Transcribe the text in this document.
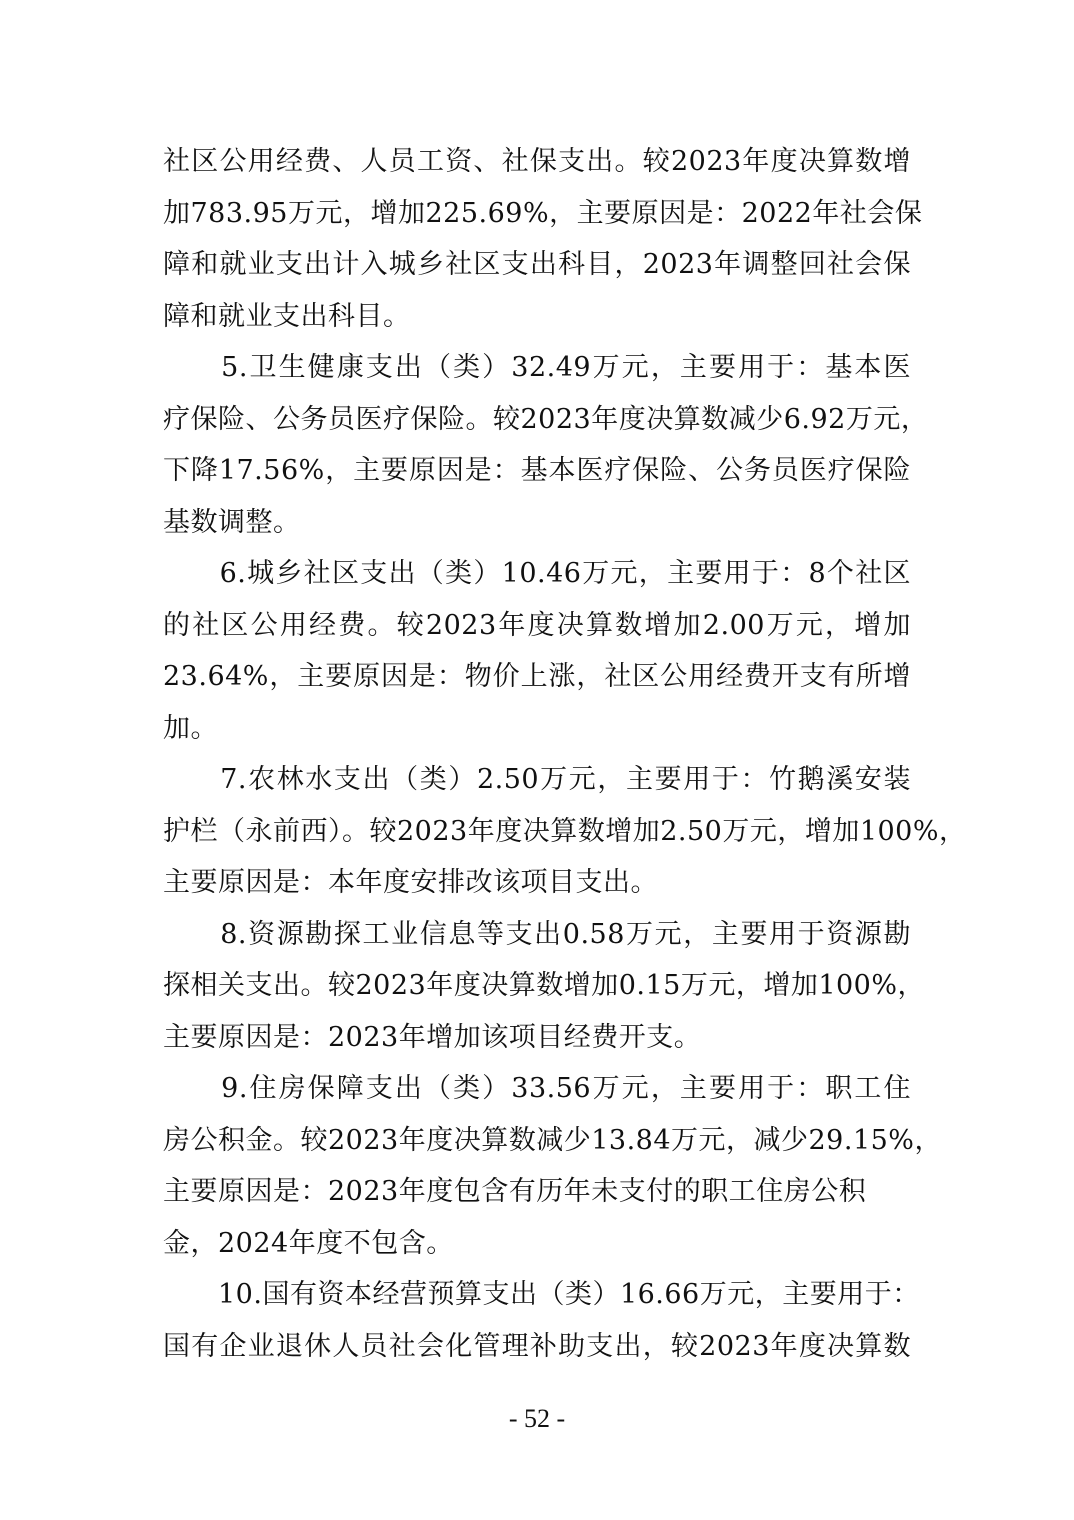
社区公用经费、人员工资、社保支出。较2023年度决算数增
加783.95万元，增加225.69%，主要原因是：2022年社会保
障和就业支出计入城乡社区支出科目，2023年调整回社会保
障和就业支出科目。
　　5.卫生健康支出（类）32.49万元，主要用于：基本医
疗保险、公务员医疗保险。较2023年度决算数减少6.92万元，
下降17.56%，主要原因是：基本医疗保险、公务员医疗保险
基数调整。
　　6.城乡社区支出（类）10.46万元，主要用于：8个社区
的社区公用经费。较2023年度决算数增加2.00万元，增加
23.64%，主要原因是：物价上涨，社区公用经费开支有所增
加。
　　7.农林水支出（类）2.50万元，主要用于：竹鹅溪安装
护栏（永前西）。较2023年度决算数增加2.50万元，增加100%，
主要原因是：本年度安排改该项目支出。
　　8.资源勘探工业信息等支出0.58万元，主要用于资源勘
探相关支出。较2023年度决算数增加0.15万元，增加100%，
主要原因是：2023年增加该项目经费开支。
　　9.住房保障支出（类）33.56万元，主要用于：职工住
房公积金。较2023年度决算数减少13.84万元，减少29.15%，
主要原因是：2023年度包含有历年未支付的职工住房公积
金，2024年度不包含。
　　10.国有资本经营预算支出（类）16.66万元，主要用于：
国有企业退休人员社会化管理补助支出，较2023年度决算数
- 52 -
